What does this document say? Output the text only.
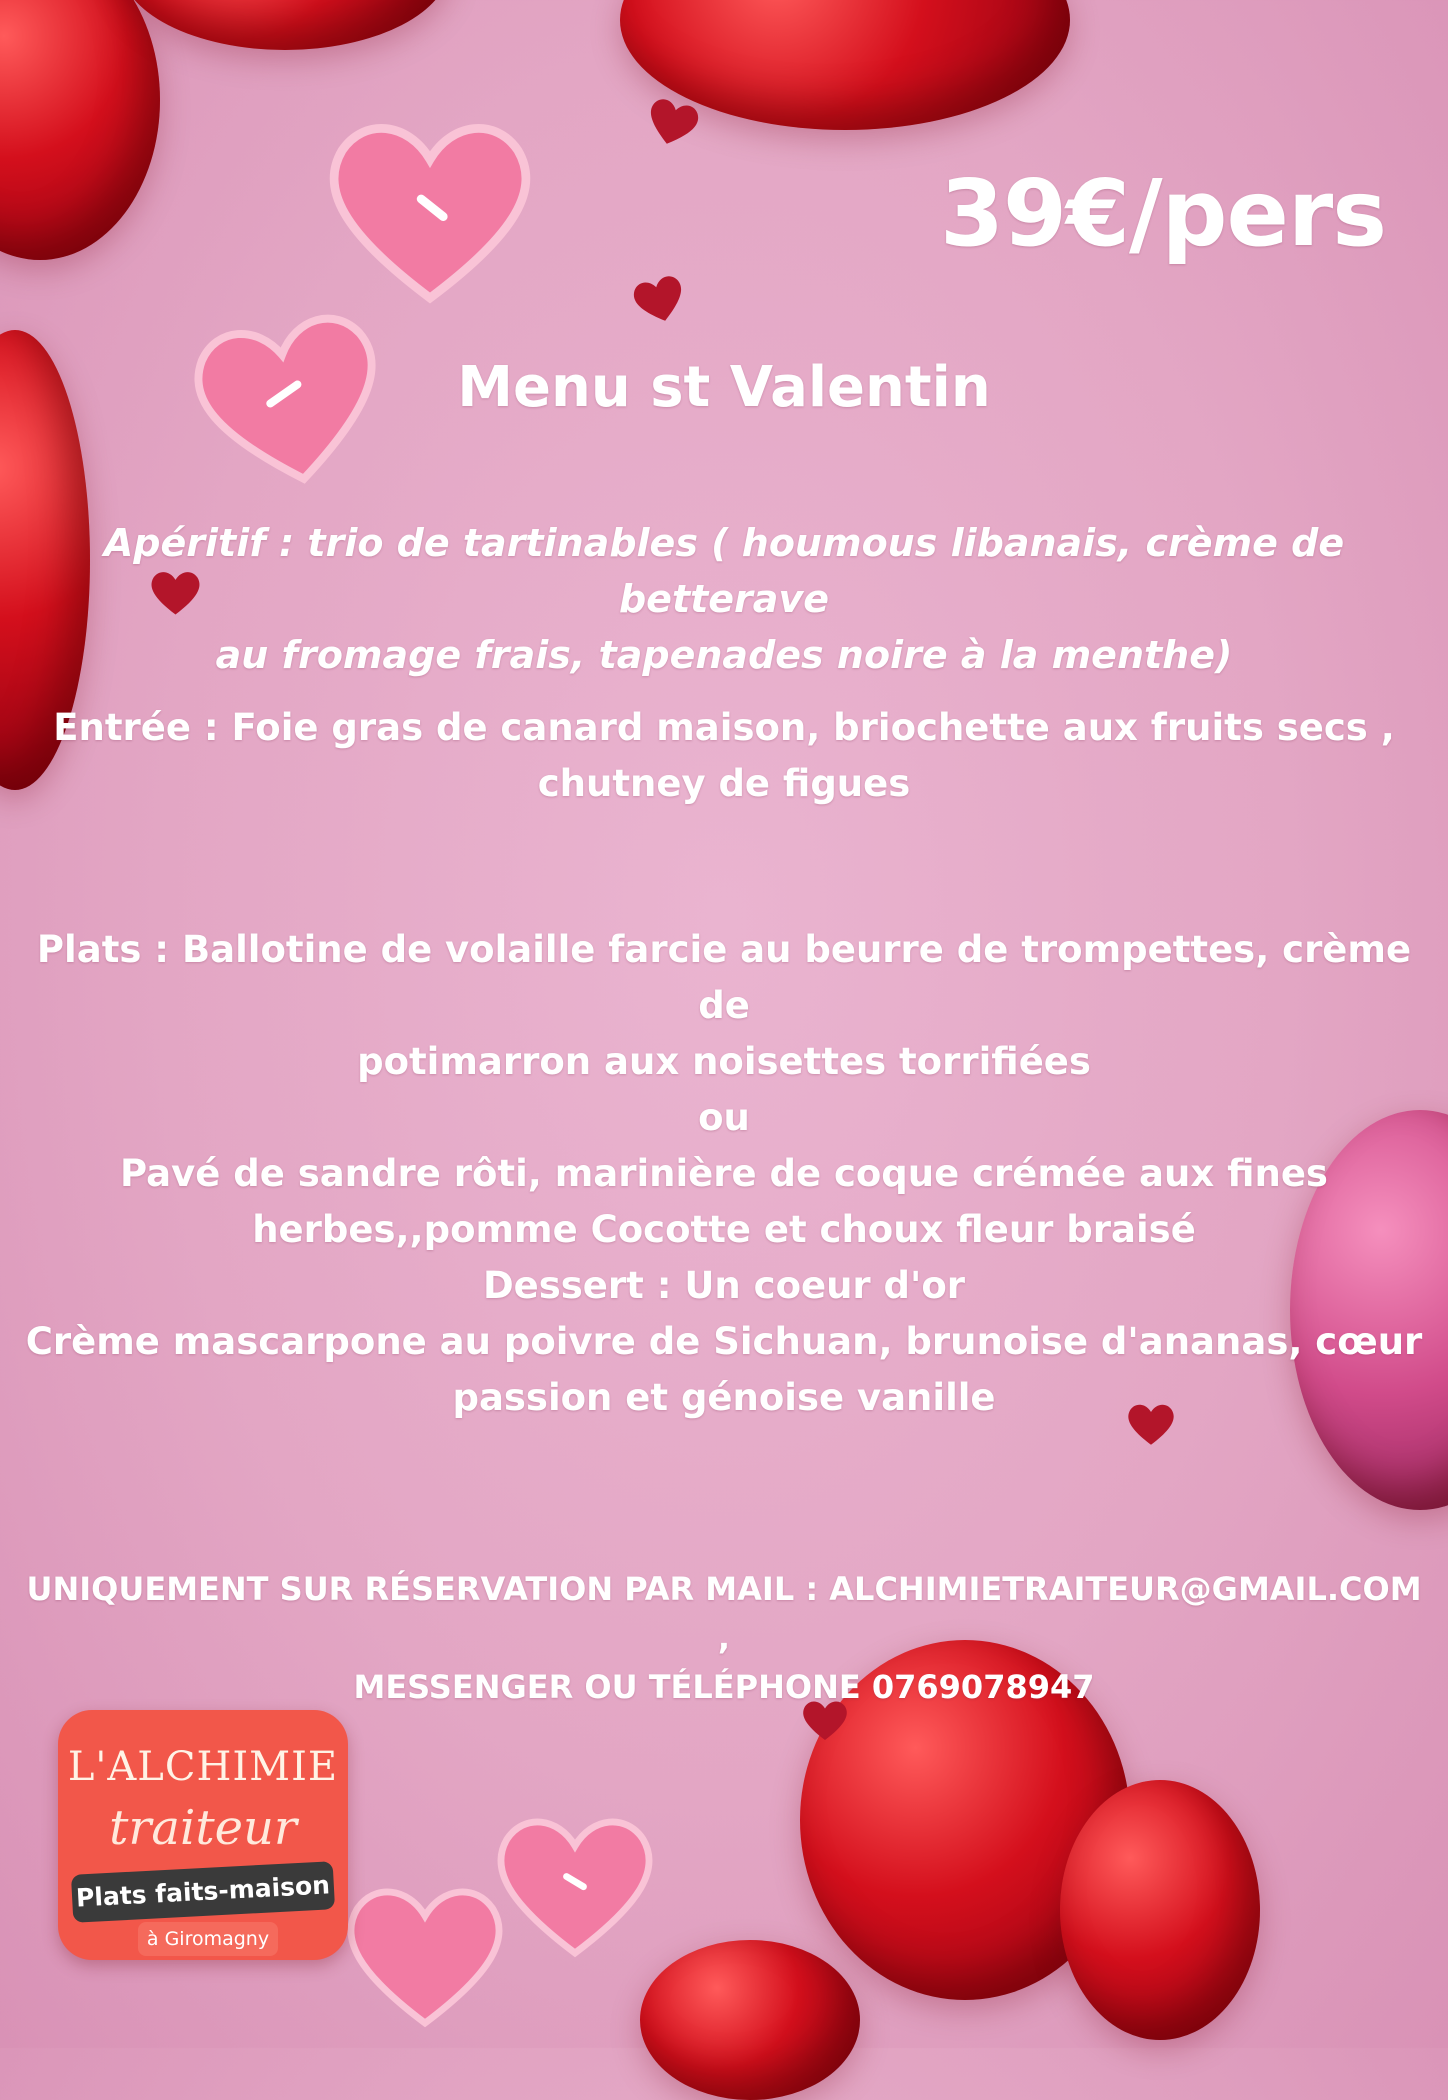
39€/pers
Menu st Valentin
Apéritif : trio de tartinables ( houmous libanais, crème de betterave
au fromage frais, tapenades noire à la menthe)
Entrée : Foie gras de canard maison, briochette aux fruits secs ,
chutney de figues
Plats : Ballotine de volaille farcie au beurre de trompettes, crème de
potimarron aux noisettes torrifiées
ou
Pavé de sandre rôti, marinière de coque crémée aux fines
herbes,,pomme Cocotte et choux fleur braisé
Dessert : Un coeur d'or
Crème mascarpone au poivre de Sichuan, brunoise d'ananas, cœur
passion et génoise vanille
UNIQUEMENT SUR RÉSERVATION PAR MAIL : ALCHIMIETRAITEUR@GMAIL.COM ,
MESSENGER OU TÉLÉPHONE 0769078947
L'ALCHIMIE
traiteur
Plats faits-maison
à Giromagny
